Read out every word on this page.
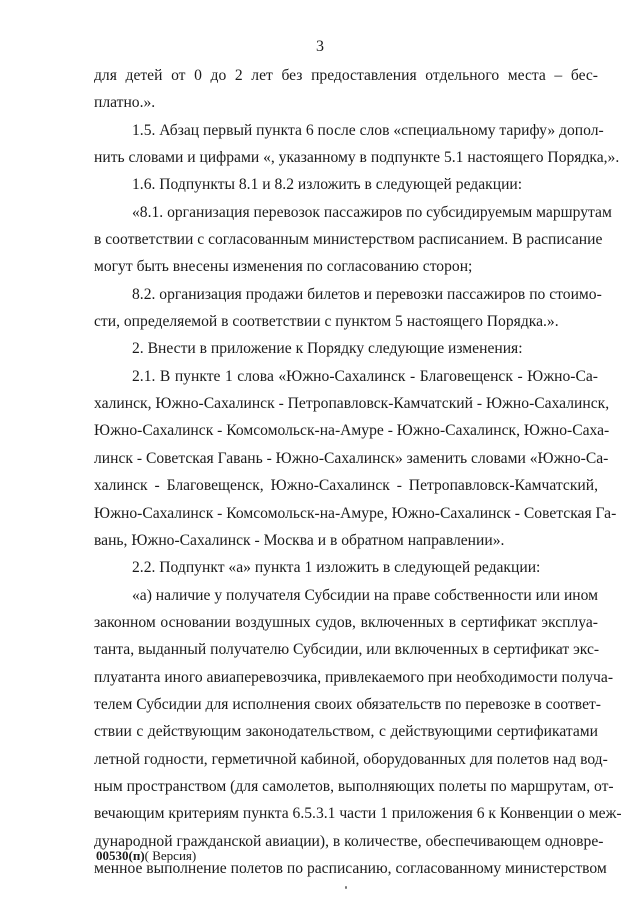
3
для детей от 0 до 2 лет без предоставления отдельного места – бес-
платно.».
1.5. Абзац первый пункта 6 после слов «специальному тарифу» допол-
нить словами и цифрами «, указанному в подпункте 5.1 настоящего Порядка,».
1.6. Подпункты 8.1 и 8.2 изложить в следующей редакции:
«8.1. организация перевозок пассажиров по субсидируемым маршрутам
в соответствии с согласованным министерством расписанием. В расписание
могут быть внесены изменения по согласованию сторон;
8.2. организация продажи билетов и перевозки пассажиров по стоимо-
сти, определяемой в соответствии с пунктом 5 настоящего Порядка.».
2. Внести в приложение к Порядку следующие изменения:
2.1. В пункте 1 слова «Южно-Сахалинск - Благовещенск - Южно-Са-
халинск, Южно-Сахалинск - Петропавловск-Камчатский - Южно-Сахалинск,
Южно-Сахалинск - Комсомольск-на-Амуре - Южно-Сахалинск, Южно-Саха-
линск - Советская Гавань - Южно-Сахалинск» заменить словами «Южно-Са-
халинск - Благовещенск, Южно-Сахалинск - Петропавловск-Камчатский,
Южно-Сахалинск - Комсомольск-на-Амуре, Южно-Сахалинск - Советская Га-
вань, Южно-Сахалинск - Москва и в обратном направлении».
2.2. Подпункт «а» пункта 1 изложить в следующей редакции:
«а) наличие у получателя Субсидии на праве собственности или ином
законном основании воздушных судов, включенных в сертификат эксплуа-
танта, выданный получателю Субсидии, или включенных в сертификат экс-
плуатанта иного авиаперевозчика, привлекаемого при необходимости получа-
телем Субсидии для исполнения своих обязательств по перевозке в соответ-
ствии с действующим законодательством, с действующими сертификатами
летной годности, герметичной кабиной, оборудованных для полетов над вод-
ным пространством (для самолетов, выполняющих полеты по маршрутам, от-
вечающим критериям пункта 6.5.3.1 части 1 приложения 6 к Конвенции о меж-
дународной гражданской авиации), в количестве, обеспечивающем одновре-
менное выполнение полетов по расписанию, согласованному министерством
00530(п)( Версия)
